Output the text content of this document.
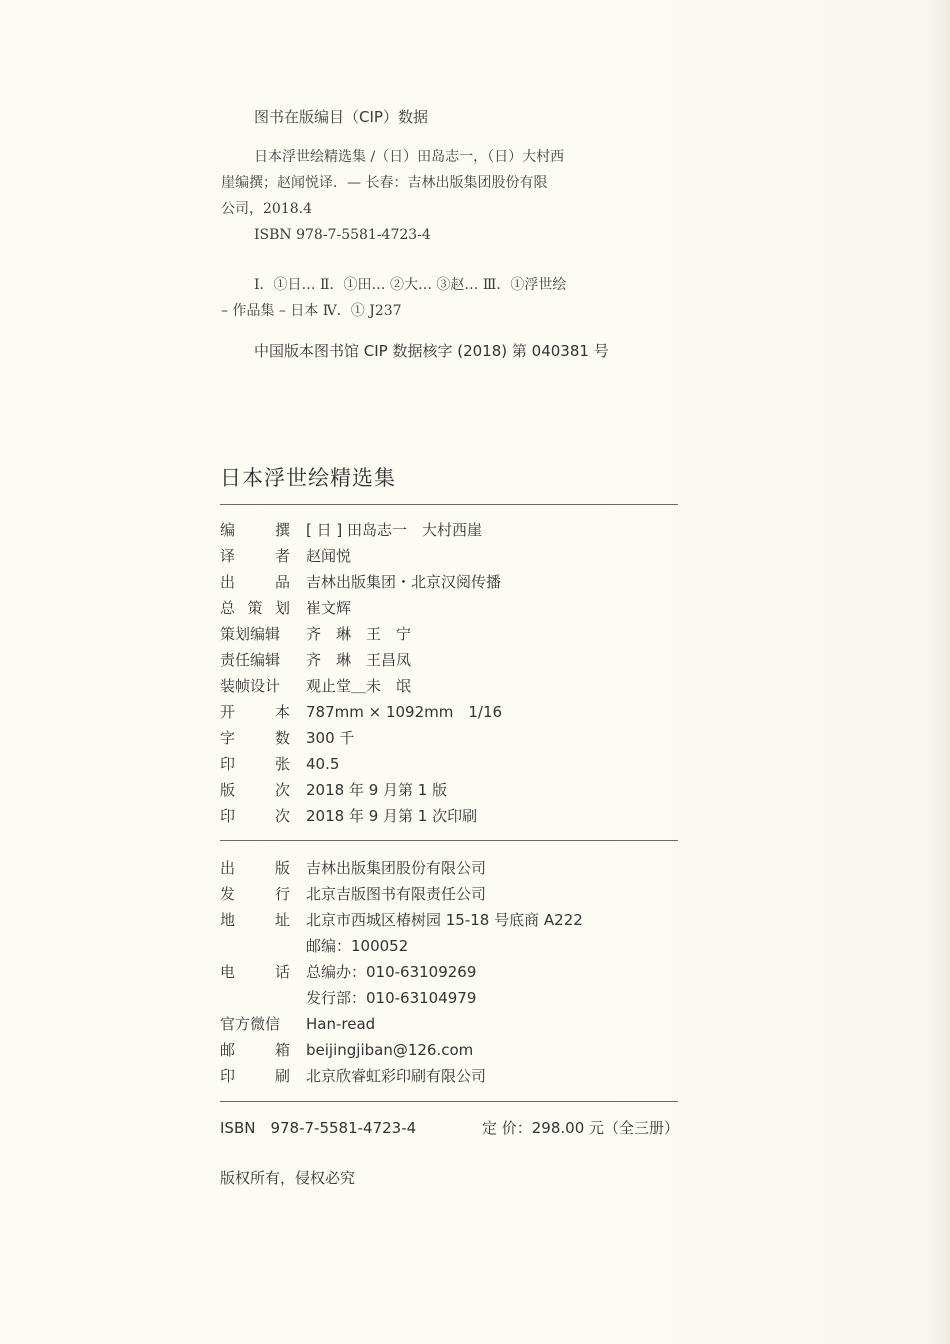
图书在版编目（CIP）数据
日本浮世绘精选集 /（日）田岛志一，（日）大村西
崖编撰；赵闻悦译．— 长春：吉林出版集团股份有限
公司，2018.4
ISBN 978-7-5581-4723-4
Ⅰ．①日… Ⅱ．①田… ②大… ③赵… Ⅲ．①浮世绘
– 作品集 – 日本 Ⅳ．① J237
中国版本图书馆 CIP 数据核字 (2018) 第 040381 号
日本浮世绘精选集
编	撰 [ 日 ] 田岛志一　大村西崖
译	者 赵闻悦
出	品 吉林出版集团・北京汉阅传播
总 策 划 崔文辉
策划编辑 齐　琳　王　宁
责任编辑 齐　琳　王昌凤
装帧设计 观止堂＿未　氓
开	本 787mm × 1092mm　1/16
字	数 300 千
印	张 40.5
版	次 2018 年 9 月第 1 版
印	次 2018 年 9 月第 1 次印刷
出	版 吉林出版集团股份有限公司
发	行 北京吉版图书有限责任公司
地	址 北京市西城区椿树园 15-18 号底商 A222
邮编：100052
电	话 总编办：010-63109269
发行部：010-63104979
官方微信 Han-read
邮	箱 beijingjiban@126.com
印	刷 北京欣睿虹彩印刷有限公司
ISBN　978-7-5581-4723-4	定 价：298.00 元（全三册）
版权所有，侵权必究
